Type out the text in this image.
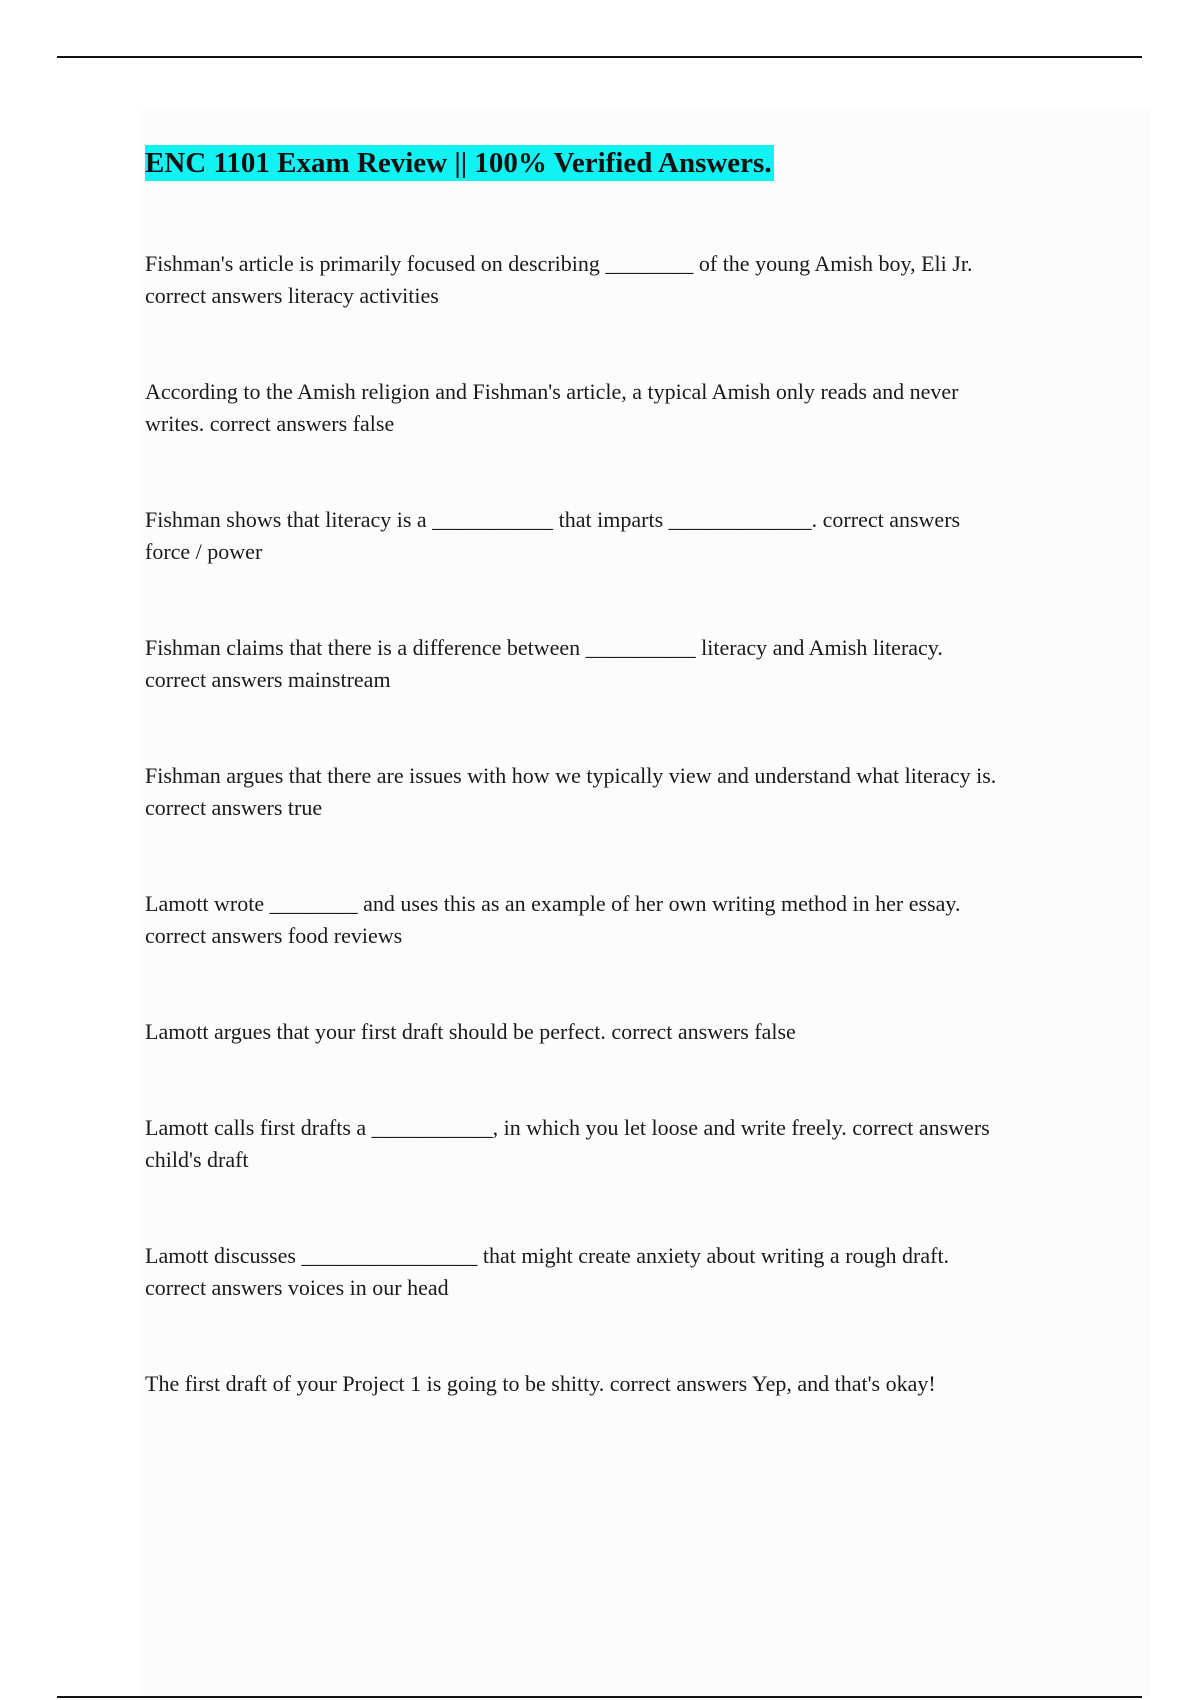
ENC 1101 Exam Review || 100% Verified Answers.
Fishman's article is primarily focused on describing ________ of the young Amish boy, Eli Jr.
correct answers literacy activities
According to the Amish religion and Fishman's article, a typical Amish only reads and never
writes. correct answers false
Fishman shows that literacy is a ___________ that imparts _____________. correct answers
force / power
Fishman claims that there is a difference between __________ literacy and Amish literacy.
correct answers mainstream
Fishman argues that there are issues with how we typically view and understand what literacy is.
correct answers true
Lamott wrote ________ and uses this as an example of her own writing method in her essay.
correct answers food reviews
Lamott argues that your first draft should be perfect. correct answers false
Lamott calls first drafts a ___________, in which you let loose and write freely. correct answers
child's draft
Lamott discusses ________________ that might create anxiety about writing a rough draft.
correct answers voices in our head
The first draft of your Project 1 is going to be shitty. correct answers Yep, and that's okay!
